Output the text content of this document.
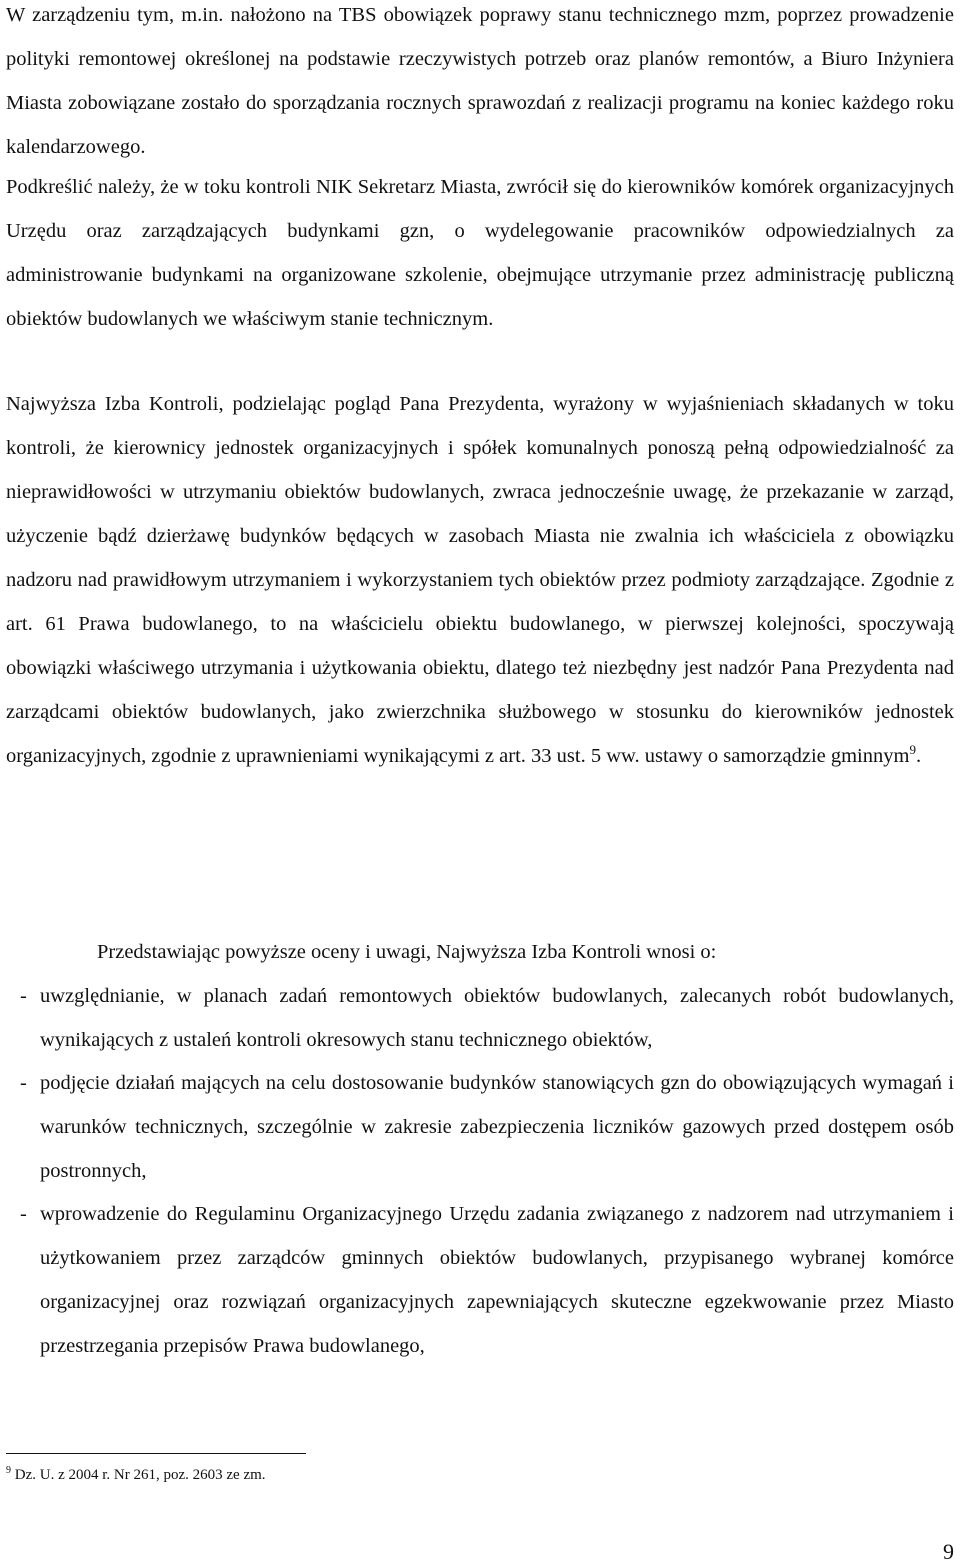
W zarządzeniu tym, m.in. nałożono na TBS obowiązek poprawy stanu technicznego mzm, poprzez prowadzenie polityki remontowej określonej na podstawie rzeczywistych potrzeb oraz planów remontów, a Biuro Inżyniera Miasta zobowiązane zostało do sporządzania rocznych sprawozdań z realizacji programu na koniec każdego roku kalendarzowego.

Podkreślić należy, że w toku kontroli NIK Sekretarz Miasta, zwrócił się do kierowników komórek organizacyjnych Urzędu oraz zarządzających budynkami gzn, o wydelegowanie pracowników odpowiedzialnych za administrowanie budynkami na organizowane szkolenie, obejmujące utrzymanie przez administrację publiczną obiektów budowlanych we właściwym stanie technicznym.

Najwyższa Izba Kontroli, podzielając pogląd Pana Prezydenta, wyrażony w wyjaśnieniach składanych w toku kontroli, że kierownicy jednostek organizacyjnych i spółek komunalnych ponoszą pełną odpowiedzialność za nieprawidłowości w utrzymaniu obiektów budowlanych, zwraca jednocześnie uwagę, że przekazanie w zarząd, użyczenie bądź dzierżawę budynków będących w zasobach Miasta nie zwalnia ich właściciela z obowiązku nadzoru nad prawidłowym utrzymaniem i wykorzystaniem tych obiektów przez podmioty zarządzające. Zgodnie z art. 61 Prawa budowlanego, to na właścicielu obiektu budowlanego, w pierwszej kolejności, spoczywają obowiązki właściwego utrzymania i użytkowania obiektu, dlatego też niezbędny jest nadzór Pana Prezydenta nad zarządcami obiektów budowlanych, jako zwierzchnika służbowego w stosunku do kierowników jednostek organizacyjnych, zgodnie z uprawnieniami wynikającymi z art. 33 ust. 5 ww. ustawy o samorządzie gminnym$^9$.

Przedstawiając powyższe oceny i uwagi, Najwyższa Izba Kontroli wnosi o:

- uwzględnianie, w planach zadań remontowych obiektów budowlanych, zalecanych robót budowlanych, wynikających z ustaleń kontroli okresowych stanu technicznego obiektów,
- podjęcie działań mających na celu dostosowanie budynków stanowiących gzn do obowiązujących wymagań i warunków technicznych, szczególnie w zakresie zabezpieczenia liczników gazowych przed dostępem osób postronnych,
- wprowadzenie do Regulaminu Organizacyjnego Urzędu zadania związanego z nadzorem nad utrzymaniem i użytkowaniem przez zarządców gminnych obiektów budowlanych, przypisanego wybranej komórce organizacyjnej oraz rozwiązań organizacyjnych zapewniających skuteczne egzekwowanie przez Miasto przestrzegania przepisów Prawa budowlanego,

$^9$ Dz. U. z 2004 r. Nr 261, poz. 2603 ze zm.

9
